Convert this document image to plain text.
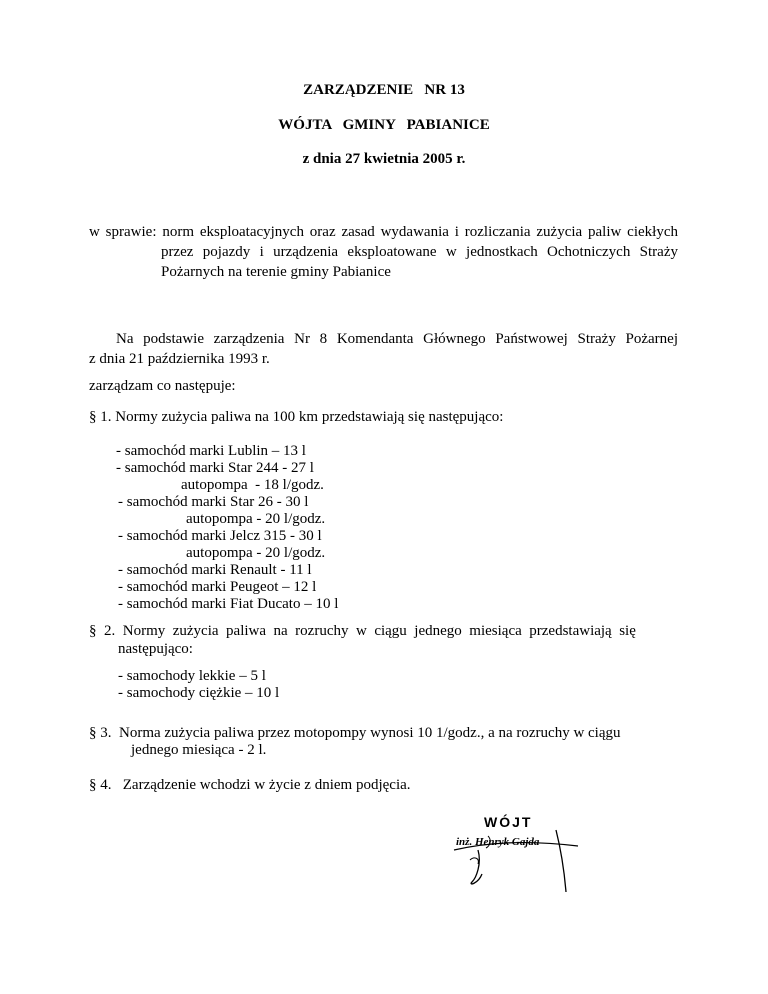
ZARZĄDZENIE   NR 13
WÓJTA   GMINY   PABIANICE
z dnia 27 kwietnia 2005 r.
w sprawie: norm eksploatacyjnych oraz zasad wydawania i rozliczania zużycia paliw ciekłych
przez pojazdy i urządzenia eksploatowane w jednostkach Ochotniczych Straży
Pożarnych na terenie gminy Pabianice
Na podstawie zarządzenia Nr 8 Komendanta Głównego Państwowej Straży Pożarnej
z dnia 21 października 1993 r.
zarządzam co następuje:
§ 1. Normy zużycia paliwa na 100 km przedstawiają się następująco:
- samochód marki Lublin – 13 l
- samochód marki Star 244 - 27 l
autopompa  - 18 l/godz.
- samochód marki Star 26 - 30 l
autopompa - 20 l/godz.
- samochód marki Jelcz 315 - 30 l
autopompa - 20 l/godz.
- samochód marki Renault - 11 l
- samochód marki Peugeot – 12 l
- samochód marki Fiat Ducato – 10 l
§  2.  Normy  zużycia  paliwa  na  rozruchy  w  ciągu  jednego  miesiąca  przedstawiają  się
następująco:
- samochody lekkie – 5 l
- samochody ciężkie – 10 l
§ 3.  Norma zużycia paliwa przez motopompy wynosi 10 1/godz., a na rozruchy w ciągu
jednego miesiąca - 2 l.
§ 4.   Zarządzenie wchodzi w życie z dniem podjęcia.
WÓJT
inż. Henryk Gajda
